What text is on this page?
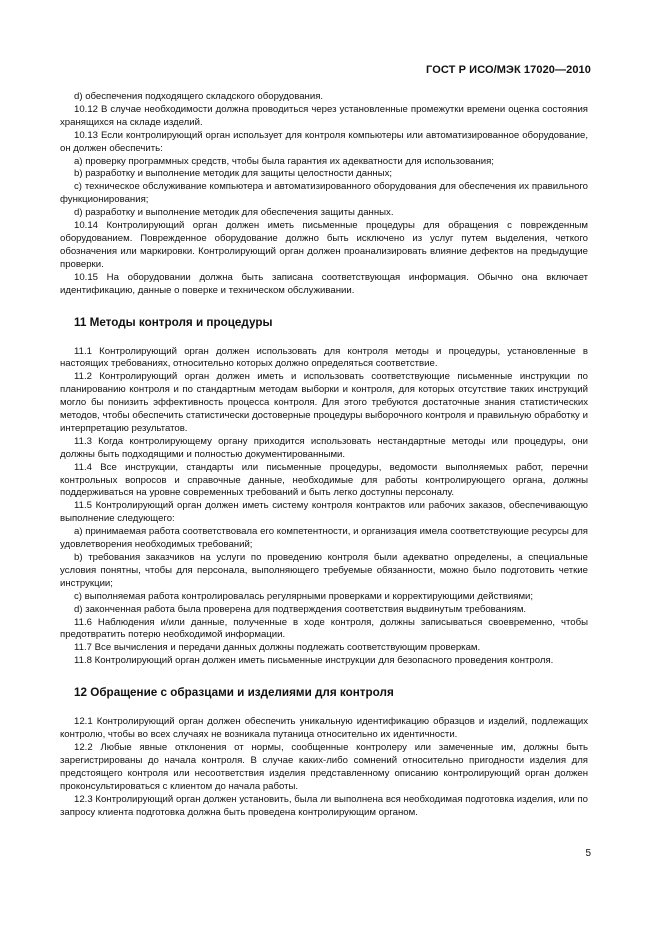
ГОСТ Р ИСО/МЭК 17020—2010

d) обеспечения подходящего складского оборудования.

10.12 В случае необходимости должна проводиться через установленные промежутки времени оценка состояния хранящихся на складе изделий.

10.13 Если контролирующий орган использует для контроля компьютеры или автоматизированное оборудование, он должен обеспечить:

a) проверку программных средств, чтобы была гарантия их адекватности для использования;

b) разработку и выполнение методик для защиты целостности данных;

c) техническое обслуживание компьютера и автоматизированного оборудования для обеспечения их правильного функционирования;

d) разработку и выполнение методик для обеспечения защиты данных.

10.14 Контролирующий орган должен иметь письменные процедуры для обращения с поврежденным оборудованием. Поврежденное оборудование должно быть исключено из услуг путем выделения, четкого обозначения или маркировки. Контролирующий орган должен проанализировать влияние дефектов на предыдущие проверки.

10.15 На оборудовании должна быть записана соответствующая информация. Обычно она включает идентификацию, данные о поверке и техническом обслуживании.

11 Методы контроля и процедуры

11.1 Контролирующий орган должен использовать для контроля методы и процедуры, установленные в настоящих требованиях, относительно которых должно определяться соответствие.

11.2 Контролирующий орган должен иметь и использовать соответствующие письменные инструкции по планированию контроля и по стандартным методам выборки и контроля, для которых отсутствие таких инструкций могло бы понизить эффективность процесса контроля. Для этого требуются достаточные знания статистических методов, чтобы обеспечить статистически достоверные процедуры выборочного контроля и правильную обработку и интерпретацию результатов.

11.3 Когда контролирующему органу приходится использовать нестандартные методы или процедуры, они должны быть подходящими и полностью документированными.

11.4 Все инструкции, стандарты или письменные процедуры, ведомости выполняемых работ, перечни контрольных вопросов и справочные данные, необходимые для работы контролирующего органа, должны поддерживаться на уровне современных требований и быть легко доступны персоналу.

11.5 Контролирующий орган должен иметь систему контроля контрактов или рабочих заказов, обеспечивающую выполнение следующего:

a) принимаемая работа соответствовала его компетентности, и организация имела соответствующие ресурсы для удовлетворения необходимых требований;

b) требования заказчиков на услуги по проведению контроля были адекватно определены, а специальные условия понятны, чтобы для персонала, выполняющего требуемые обязанности, можно было подготовить четкие инструкции;

c) выполняемая работа контролировалась регулярными проверками и корректирующими действиями;

d) законченная работа была проверена для подтверждения соответствия выдвинутым требованиям.

11.6 Наблюдения и/или данные, полученные в ходе контроля, должны записываться своевременно, чтобы предотвратить потерю необходимой информации.

11.7 Все вычисления и передачи данных должны подлежать соответствующим проверкам.

11.8 Контролирующий орган должен иметь письменные инструкции для безопасного проведения контроля.

12 Обращение с образцами и изделиями для контроля

12.1 Контролирующий орган должен обеспечить уникальную идентификацию образцов и изделий, подлежащих контролю, чтобы во всех случаях не возникала путаница относительно их идентичности.

12.2 Любые явные отклонения от нормы, сообщенные контролеру или замеченные им, должны быть зарегистрированы до начала контроля. В случае каких-либо сомнений относительно пригодности изделия для предстоящего контроля или несоответствия изделия представленному описанию контролирующий орган должен проконсультироваться с клиентом до начала работы.

12.3 Контролирующий орган должен установить, была ли выполнена вся необходимая подготовка изделия, или по запросу клиента подготовка должна быть проведена контролирующим органом.

5
